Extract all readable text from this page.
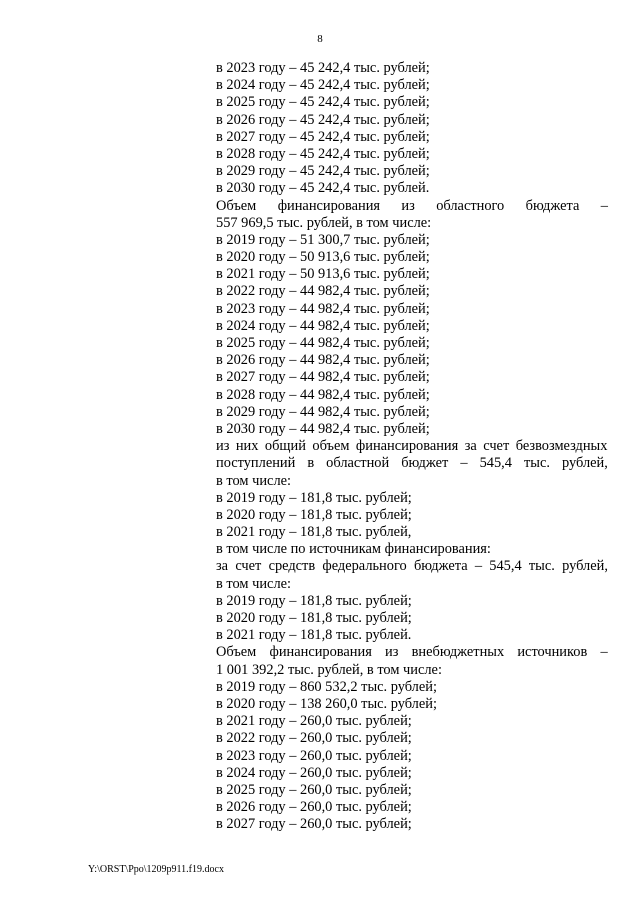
8
в 2023 году – 45 242,4 тыс. рублей;
в 2024 году – 45 242,4 тыс. рублей;
в 2025 году – 45 242,4 тыс. рублей;
в 2026 году – 45 242,4 тыс. рублей;
в 2027 году – 45 242,4 тыс. рублей;
в 2028 году – 45 242,4 тыс. рублей;
в 2029 году – 45 242,4 тыс. рублей;
в 2030 году – 45 242,4 тыс. рублей.
Объем финансирования из областного бюджета –
557 969,5 тыс. рублей, в том числе:
в 2019 году – 51 300,7 тыс. рублей;
в 2020 году – 50 913,6 тыс. рублей;
в 2021 году – 50 913,6 тыс. рублей;
в 2022 году – 44 982,4 тыс. рублей;
в 2023 году – 44 982,4 тыс. рублей;
в 2024 году – 44 982,4 тыс. рублей;
в 2025 году – 44 982,4 тыс. рублей;
в 2026 году – 44 982,4 тыс. рублей;
в 2027 году – 44 982,4 тыс. рублей;
в 2028 году – 44 982,4 тыс. рублей;
в 2029 году – 44 982,4 тыс. рублей;
в 2030 году – 44 982,4 тыс. рублей;
из них общий объем финансирования за счет безвозмездных
поступлений в областной бюджет – 545,4 тыс. рублей,
в том числе:
в 2019 году – 181,8 тыс. рублей;
в 2020 году – 181,8 тыс. рублей;
в 2021 году – 181,8 тыс. рублей,
в том числе по источникам финансирования:
за счет средств федерального бюджета – 545,4 тыс. рублей,
в том числе:
в 2019 году – 181,8 тыс. рублей;
в 2020 году – 181,8 тыс. рублей;
в 2021 году – 181,8 тыс. рублей.
Объем финансирования из внебюджетных источников –
1 001 392,2 тыс. рублей, в том числе:
в 2019 году – 860 532,2 тыс. рублей;
в 2020 году – 138 260,0 тыс. рублей;
в 2021 году – 260,0 тыс. рублей;
в 2022 году – 260,0 тыс. рублей;
в 2023 году – 260,0 тыс. рублей;
в 2024 году – 260,0 тыс. рублей;
в 2025 году – 260,0 тыс. рублей;
в 2026 году – 260,0 тыс. рублей;
в 2027 году – 260,0 тыс. рублей;
Y:\ORST\Ppo\1209p911.f19.docx
